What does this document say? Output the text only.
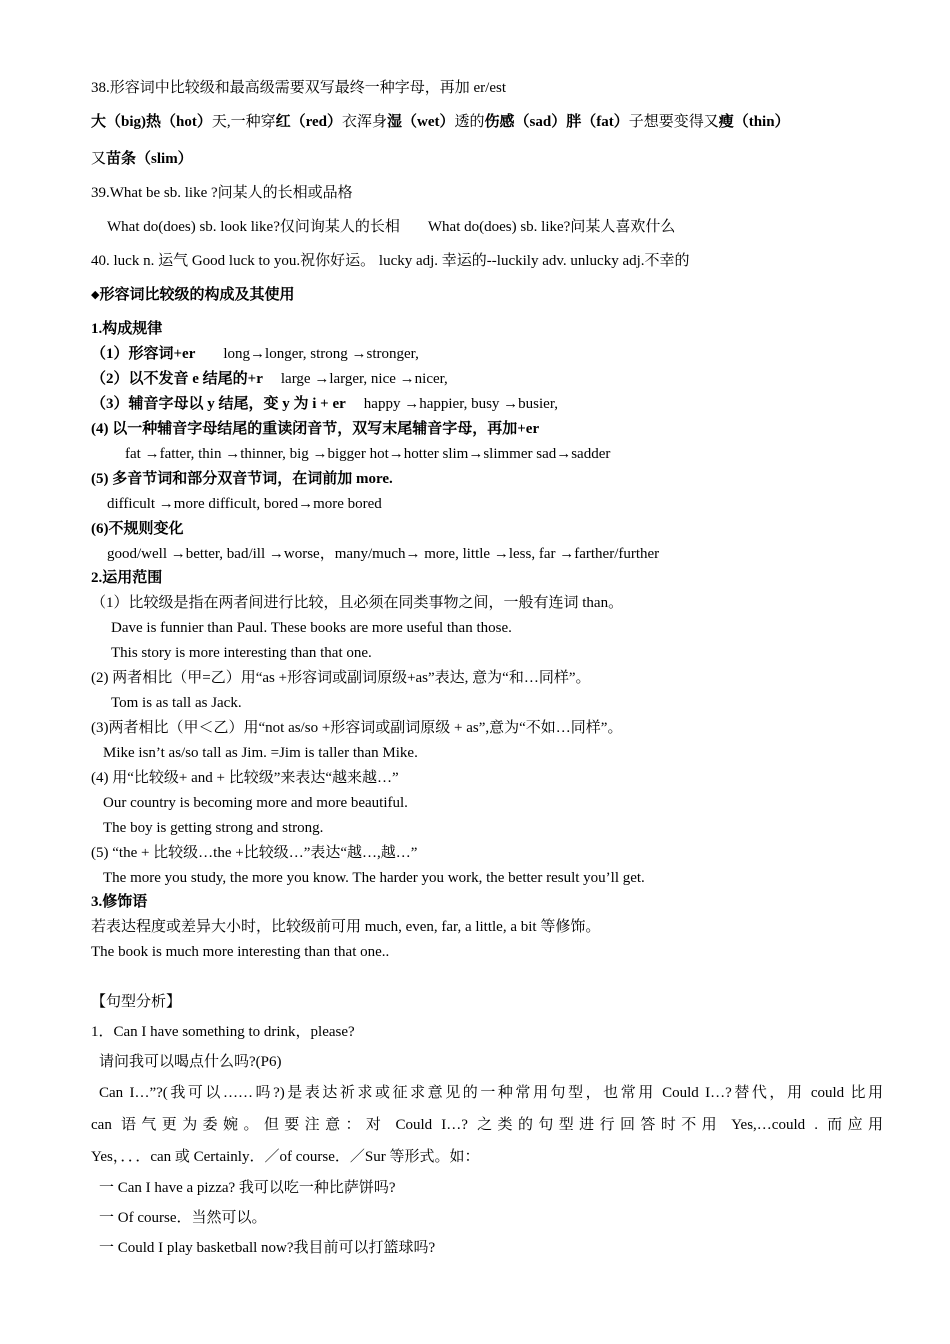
38.形容词中比较级和最高级需要双写最终一种字母，再加 er/est
大（big)热（hot）天,一种穿红（red）衣浑身湿（wet）透的伤感（sad）胖（fat）子想要变得又瘦（thin）
又苗条（slim）
39.What be sb. like ?问某人的长相或品格
What do(does) sb. look like?仅问询某人的长相 What do(does) sb. like?问某人喜欢什么
40. luck n. 运气 Good luck to you.祝你好运。 lucky adj. 幸运的--luckily adv. unlucky adj.不幸的
◆形容词比较级的构成及其使用
1.构成规律
（1）形容词+er long→longer, strong →stronger,
（2）以不发音 e 结尾的+r large →larger, nice →nicer,
（3）辅音字母以 y 结尾，变 y 为 i + er happy →happier, busy →busier,
(4) 以一种辅音字母结尾的重读闭音节，双写末尾辅音字母，再加+er
fat →fatter, thin →thinner, big →bigger hot→hotter slim→slimmer sad→sadder
(5) 多音节词和部分双音节词，在词前加 more.
difficult →more difficult, bored→more bored
(6)不规则变化
good/well →better, bad/ill →worse，many/much→ more, little →less, far →farther/further
2.运用范围
（1）比较级是指在两者间进行比较，且必须在同类事物之间，一般有连词 than。
Dave is funnier than Paul. These books are more useful than those.
This story is more interesting than that one.
(2) 两者相比（甲=乙）用“as +形容词或副词原级+as”表达, 意为“和…同样”。
Tom is as tall as Jack.
(3)两者相比（甲＜乙）用“not as/so +形容词或副词原级 + as”,意为“不如…同样”。
Mike isn’t as/so tall as Jim. =Jim is taller than Mike.
(4) 用“比较级+ and + 比较级”来表达“越来越…”
Our country is becoming more and more beautiful.
The boy is getting strong and strong.
(5) “the + 比较级…the +比较级…”表达“越…,越…”
The more you study, the more you know. The harder you work, the better result you’ll get.
3.修饰语
若表达程度或差异大小时，比较级前可用 much, even, far, a little, a bit 等修饰。
The book is much more interesting than that one..
【句型分析】
1．Can I have something to drink，please?
请问我可以喝点什么吗?(P6)
Can I…”?(我可以……吗?)是表达祈求或征求意见的一种常用句型，也常用 Could I…?替代，用 could 比用
can 语气更为委婉。但要注意：对 Could I…? 之类的句型进行回答时不用 Yes,…could . 而应用
Yes，．．．can 或 Certainly．／of course．／Sur 等形式。如：
一 Can I have a pizza? 我可以吃一种比萨饼吗?
一 Of course．当然可以。
一 Could I play basketball now?我目前可以打篮球吗?
